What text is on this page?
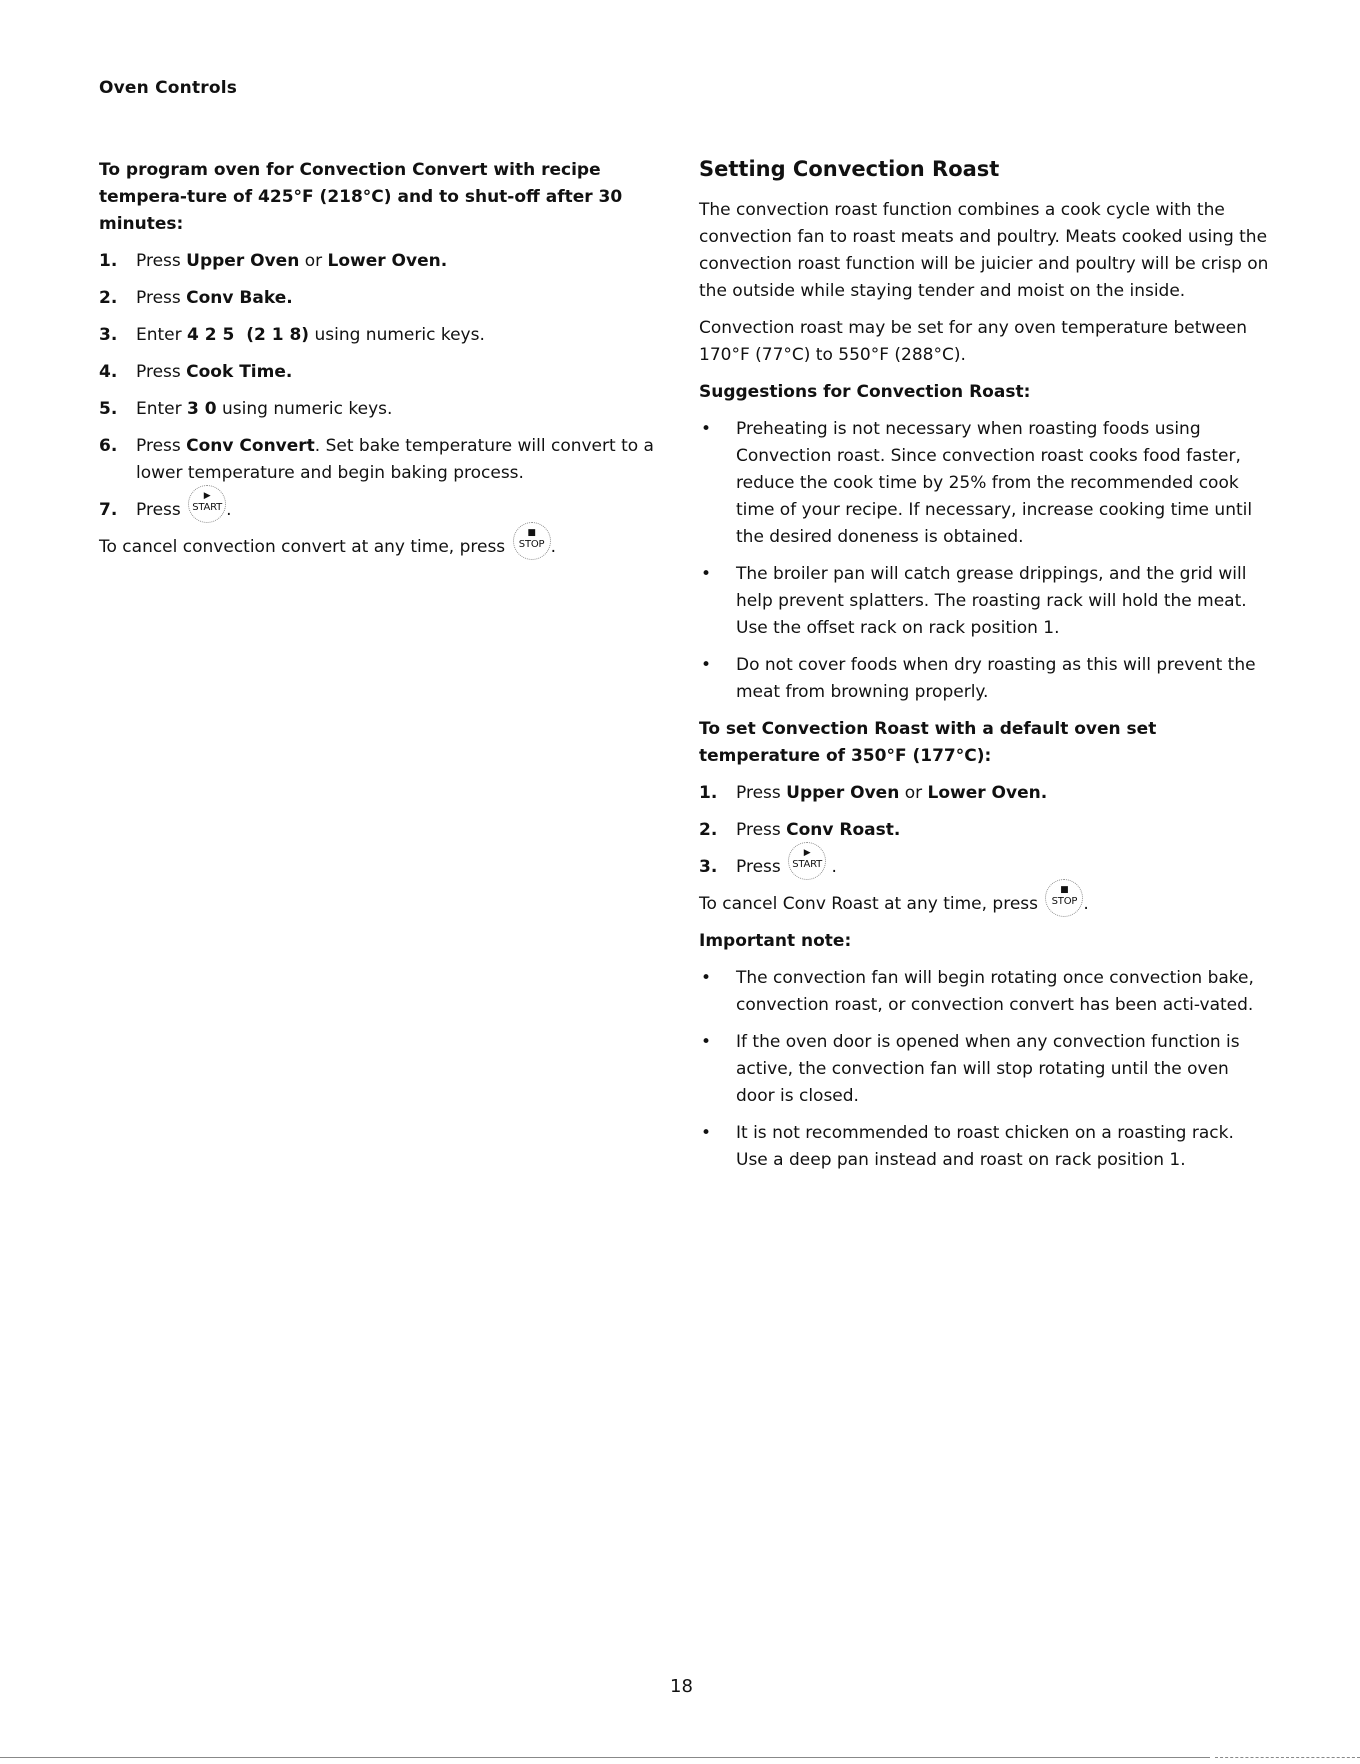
Oven Controls

To program oven for Convection Convert with recipe tempera-ture of 425°F (218°C) and to shut-off after 30 minutes:

1. Press Upper Oven or Lower Oven.
2. Press Conv Bake.
3. Enter 4 2 5  (2 1 8) using numeric keys.
4. Press Cook Time.
5. Enter 3 0 using numeric keys.
6. Press Conv Convert. Set bake temperature will convert to a lower temperature and begin baking process.
7. Press
▶
START .

To cancel convection convert at any time, press
■
STOP .

Setting Convection Roast

The convection roast function combines a cook cycle with the convection fan to roast meats and poultry. Meats cooked using the convection roast function will be juicier and poultry will be crisp on the outside while staying tender and moist on the inside.

Convection roast may be set for any oven temperature between 170°F (77°C) to 550°F (288°C).

Suggestions for Convection Roast:

• Preheating is not necessary when roasting foods using Convection roast. Since convection roast cooks food faster, reduce the cook time by 25% from the recommended cook time of your recipe. If necessary, increase cooking time until the desired doneness is obtained.
• The broiler pan will catch grease drippings, and the grid will help prevent splatters. The roasting rack will hold the meat. Use the offset rack on rack position 1.
• Do not cover foods when dry roasting as this will prevent the meat from browning properly.

To set Convection Roast with a default oven set temperature of 350°F (177°C):

1. Press Upper Oven or Lower Oven.
2. Press Conv Roast.
3. Press
▶
START .

To cancel Conv Roast at any time, press
■
STOP .

Important note:

• The convection fan will begin rotating once convection bake, convection roast, or convection convert has been acti-vated.
• If the oven door is opened when any convection function is active, the convection fan will stop rotating until the oven door is closed.
• It is not recommended to roast chicken on a roasting rack. Use a deep pan instead and roast on rack position 1.
18
